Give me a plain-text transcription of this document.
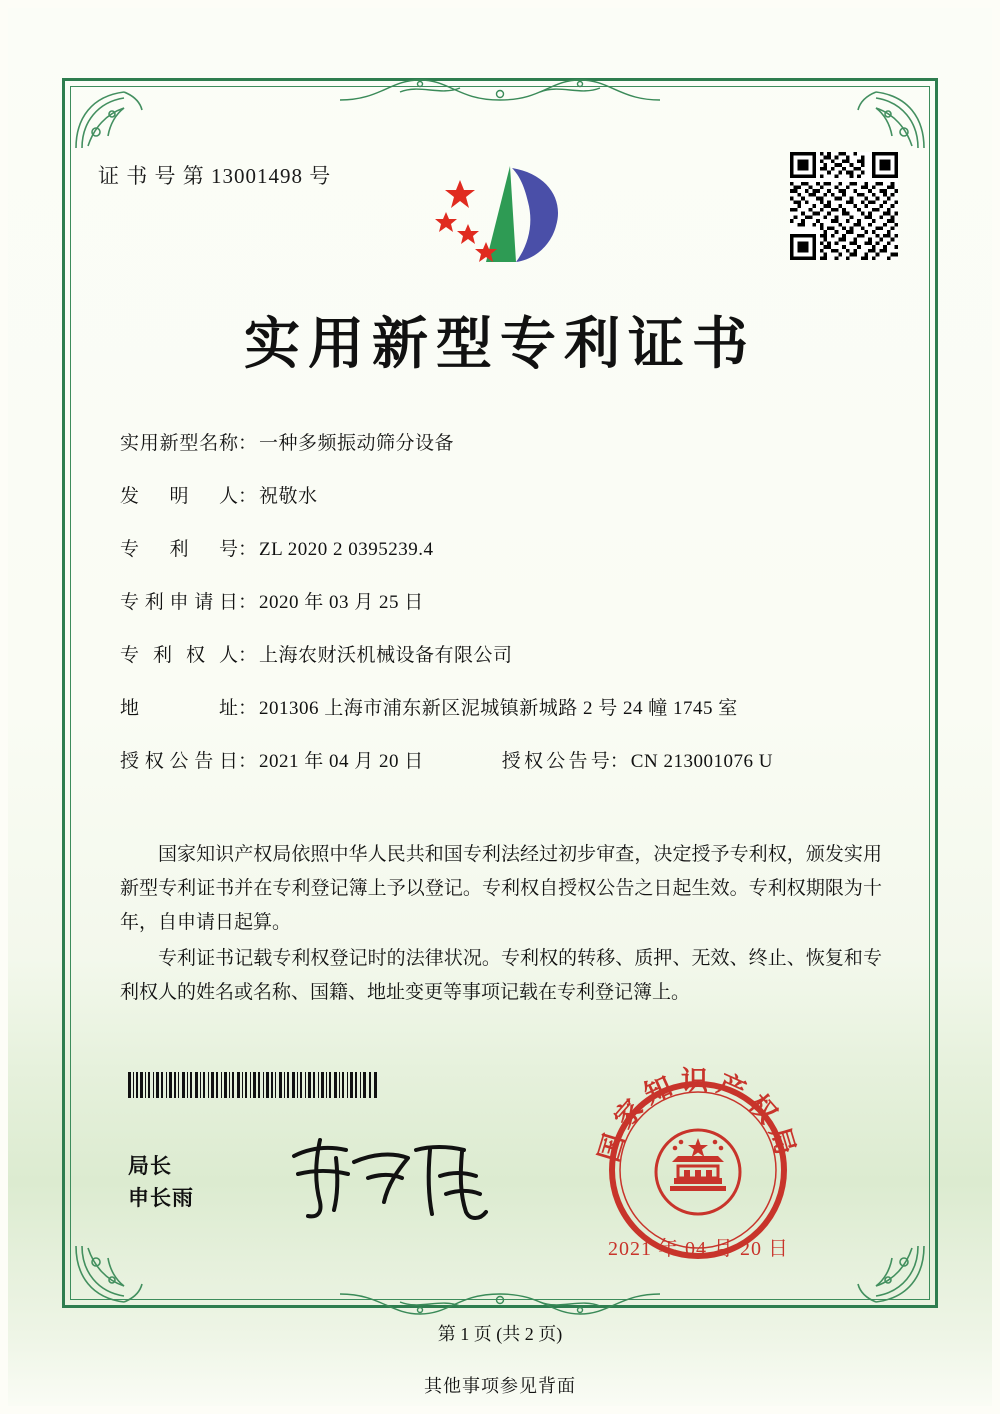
证 书 号 第 13001498 号
实用新型专利证书
实用新型名称 ： 一种多频振动筛分设备
发明人 ： 祝敬水
专利号 ： ZL 2020 2 0395239.4
专利申请日 ： 2020 年 03 月 25 日
专利权人 ： 上海农财沃机械设备有限公司
地址 ： 201306 上海市浦东新区泥城镇新城路 2 号 24 幢 1745 室
授权公告日 ： 2021 年 04 月 20 日	授权公告号 ： CN 213001076 U

国家知识产权局依照中华人民共和国专利法经过初步审查，决定授予专利权，颁发实用新型专利证书并在专利登记簿上予以登记。专利权自授权公告之日起生效。专利权期限为十年，自申请日起算。

专利证书记载专利权登记时的法律状况。专利权的转移、质押、无效、终止、恢复和专利权人的姓名或名称、国籍、地址变更等事项记载在专利登记簿上。

局长
申长雨
国家知识产权局
2021 年 04 月 20 日
第 1 页 (共 2 页)
其他事项参见背面
